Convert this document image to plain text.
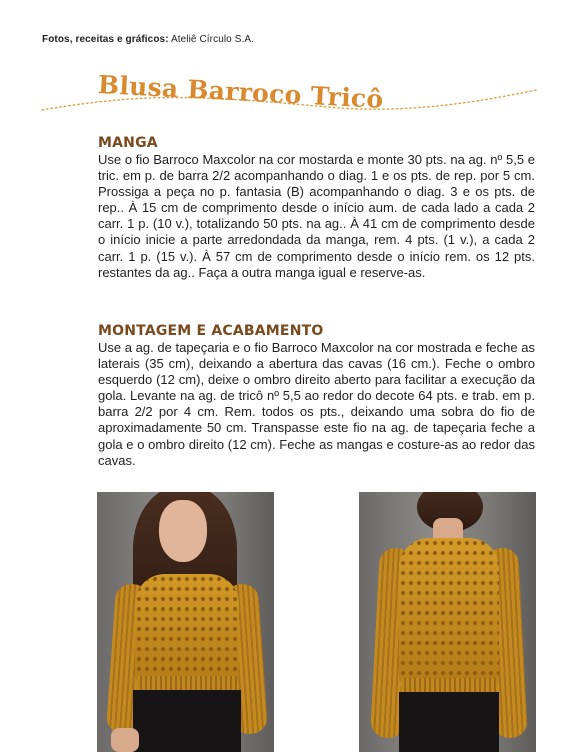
Fotos, receitas e gráficos: Ateliê Círculo S.A.
Blusa Barroco Tricô
MANGA
Use o fio Barroco Maxcolor na cor mostarda e monte 30 pts. na ag. nº 5,5 e tric. em p. de barra 2/2 acompanhando o diag. 1 e os pts. de rep. por 5 cm. Prossiga a peça no p. fantasia (B) acompanhando o diag. 3 e os pts. de rep.. À 15 cm de comprimento desde o início aum. de cada lado a cada 2 carr. 1 p. (10 v.), totalizando 50 pts. na ag.. À 41 cm de comprimento desde o início inicie a parte arredondada da manga, rem. 4 pts. (1 v.), a cada 2 carr. 1 p. (15 v.). À 57 cm de comprimento desde o início rem. os 12 pts. restantes da ag.. Faça a outra manga igual e reserve-as.
MONTAGEM E ACABAMENTO
Use a ag. de tapeçaria e o fio Barroco Maxcolor na cor mostrada e feche as laterais (35 cm), deixando a abertura das cavas (16 cm.). Feche o ombro esquerdo (12 cm), deixe o ombro direito aberto para facilitar a execução da gola. Levante na ag. de tricô nº 5,5 ao redor do decote 64 pts. e trab. em p. barra 2/2 por 4 cm. Rem. todos os pts., deixando uma sobra do fio de aproximadamente 50 cm. Transpasse este fio na ag. de tapeçaria feche a gola e o ombro direito (12 cm). Feche as mangas e costure-as ao redor das cavas.
